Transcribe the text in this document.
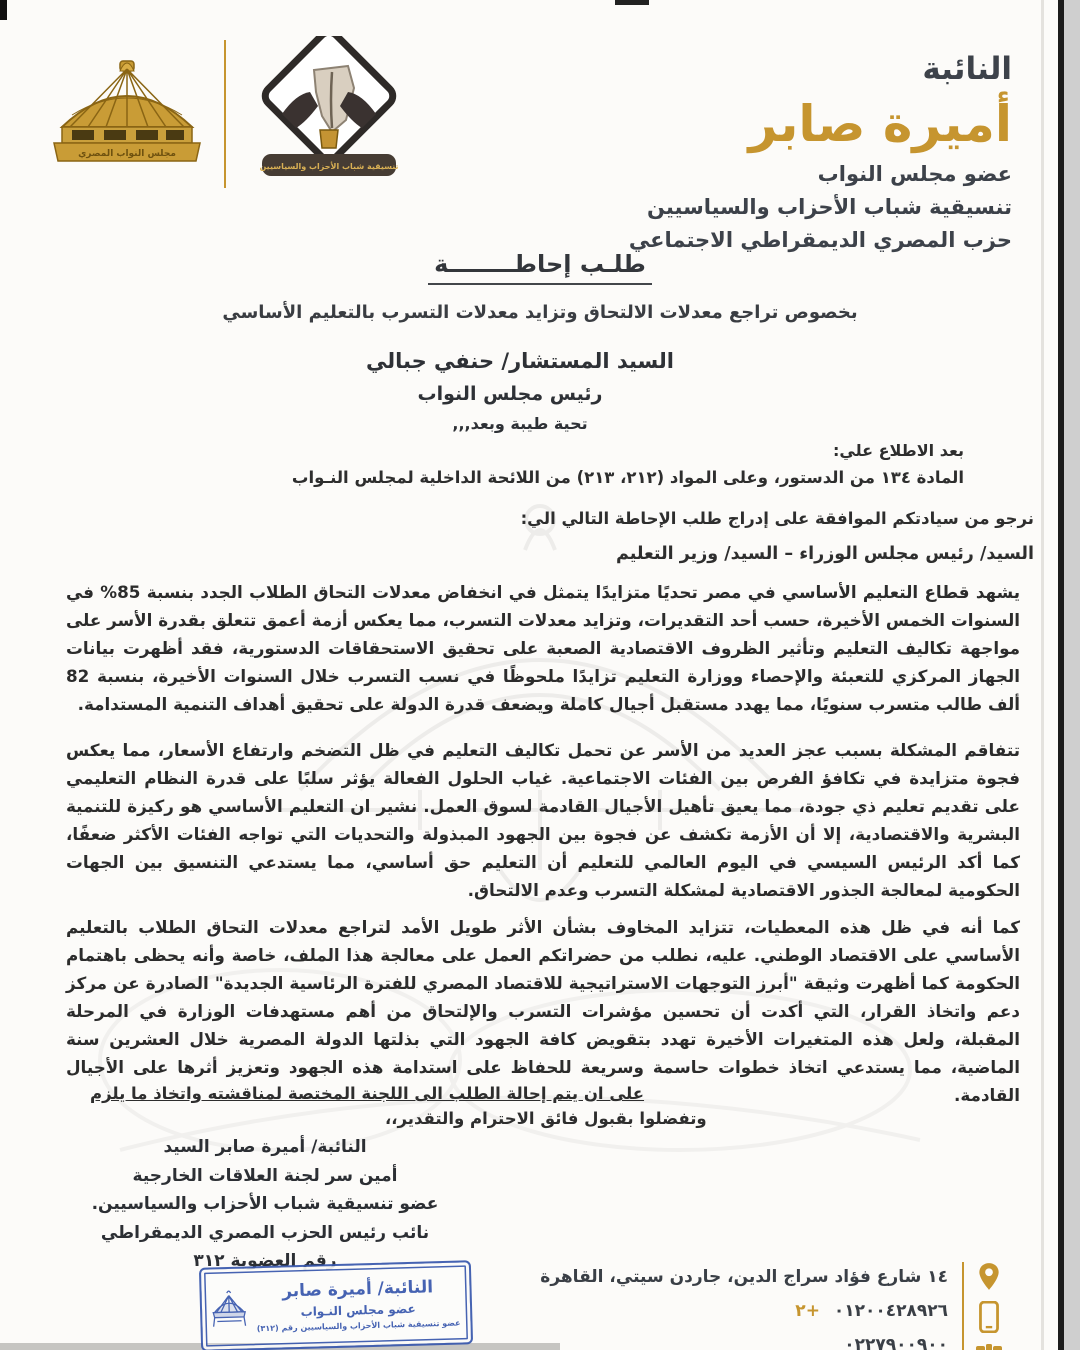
مجلس النواب المصري
تنسيقية شباب الأحزاب والسياسيين
النائبة
أميرة صابر
عضو مجلس النواب
تنسيقية شباب الأحزاب والسياسيين
حزب المصري الديمقراطي الاجتماعي
طلـب إحاطــــــــة
بخصوص تراجع معدلات الالتحاق وتزايد معدلات التسرب بالتعليم الأساسي
السيد المستشار/ حنفي جبالي
رئيس مجلس النواب
تحية طيبة وبعد,,,
بعد الاطلاع علي:
المادة ١٣٤ من الدستور، وعلى المواد (٢١٢، ٢١٣) من اللائحة الداخلية لمجلس النـواب
نرجو من سيادتكم الموافقة على إدراج طلب الإحاطة التالي الي:
السيد/ رئيس مجلس الوزراء – السيد/ وزير التعليم
يشهد قطاع التعليم الأساسي في مصر تحديًا متزايدًا يتمثل في انخفاض معدلات التحاق الطلاب الجدد بنسبة 85% في السنوات الخمس الأخيرة، حسب أحد التقديرات، وتزايد معدلات التسرب، مما يعكس أزمة أعمق تتعلق بقدرة الأسر على مواجهة تكاليف التعليم وتأثير الظروف الاقتصادية الصعبة على تحقيق الاستحقاقات الدستورية، فقد أظهرت بيانات الجهاز المركزي للتعبئة والإحصاء ووزارة التعليم تزايدًا ملحوظًا في نسب التسرب خلال السنوات الأخيرة، بنسبة 82 ألف طالب متسرب سنويًا، مما يهدد مستقبل أجيال كاملة ويضعف قدرة الدولة على تحقيق أهداف التنمية المستدامة.
تتفاقم المشكلة بسبب عجز العديد من الأسر عن تحمل تكاليف التعليم في ظل التضخم وارتفاع الأسعار، مما يعكس فجوة متزايدة في تكافؤ الفرص بين الفئات الاجتماعية. غياب الحلول الفعالة يؤثر سلبًا على قدرة النظام التعليمي على تقديم تعليم ذي جودة، مما يعيق تأهيل الأجيال القادمة لسوق العمل. نشير ان التعليم الأساسي هو ركيزة للتنمية البشرية والاقتصادية، إلا أن الأزمة تكشف عن فجوة بين الجهود المبذولة والتحديات التي تواجه الفئات الأكثر ضعفًا، كما أكد الرئيس السيسي في اليوم العالمي للتعليم أن التعليم حق أساسي، مما يستدعي التنسيق بين الجهات الحكومية لمعالجة الجذور الاقتصادية لمشكلة التسرب وعدم الالتحاق.
كما أنه في ظل هذه المعطيات، تتزايد المخاوف بشأن الأثر طويل الأمد لتراجع معدلات التحاق الطلاب بالتعليم الأساسي على الاقتصاد الوطني. عليه، نطلب من حضراتكم العمل على معالجة هذا الملف، خاصة وأنه يحظى باهتمام الحكومة كما أظهرت وثيقة "أبرز التوجهات الاستراتيجية للاقتصاد المصري للفترة الرئاسية الجديدة" الصادرة عن مركز دعم واتخاذ القرار، التي أكدت أن تحسين مؤشرات التسرب والإلتحاق من أهم مستهدفات الوزارة في المرحلة المقبلة، ولعل هذه المتغيرات الأخيرة تهدد بتقويض كافة الجهود التي بذلتها الدولة المصرية خلال العشرين سنة الماضية، مما يستدعي اتخاذ خطوات حاسمة وسريعة للحفاظ على استدامة هذه الجهود وتعزيز أثرها على الأجيال القادمة.
على ان يتم إحالة الطلب الى اللجنة المختصة لمناقشته واتخاذ ما يلزم
وتفضلوا بقبول فائق الاحترام والتقدير،،
النائبة/ أميرة صابر السيد
أمين سر لجنة العلاقات الخارجية
عضو تنسيقية شباب الأحزاب والسياسيين.
نائب رئيس الحزب المصري الديمقراطي
رقم العضوية ٣١٢
النائبة/ أميرة صابر
عضو مجلس النـواب
عضو تنسيقية شباب الأحزاب والسياسيين رقم (٣١٢)
١٤ شارع فؤاد سراج الدين، جاردن سيتي، القاهرة
٠١٢٠٠٤٢٨٩٢٦ +٢
٠٢٢٧٩٠٠٩٠٠
